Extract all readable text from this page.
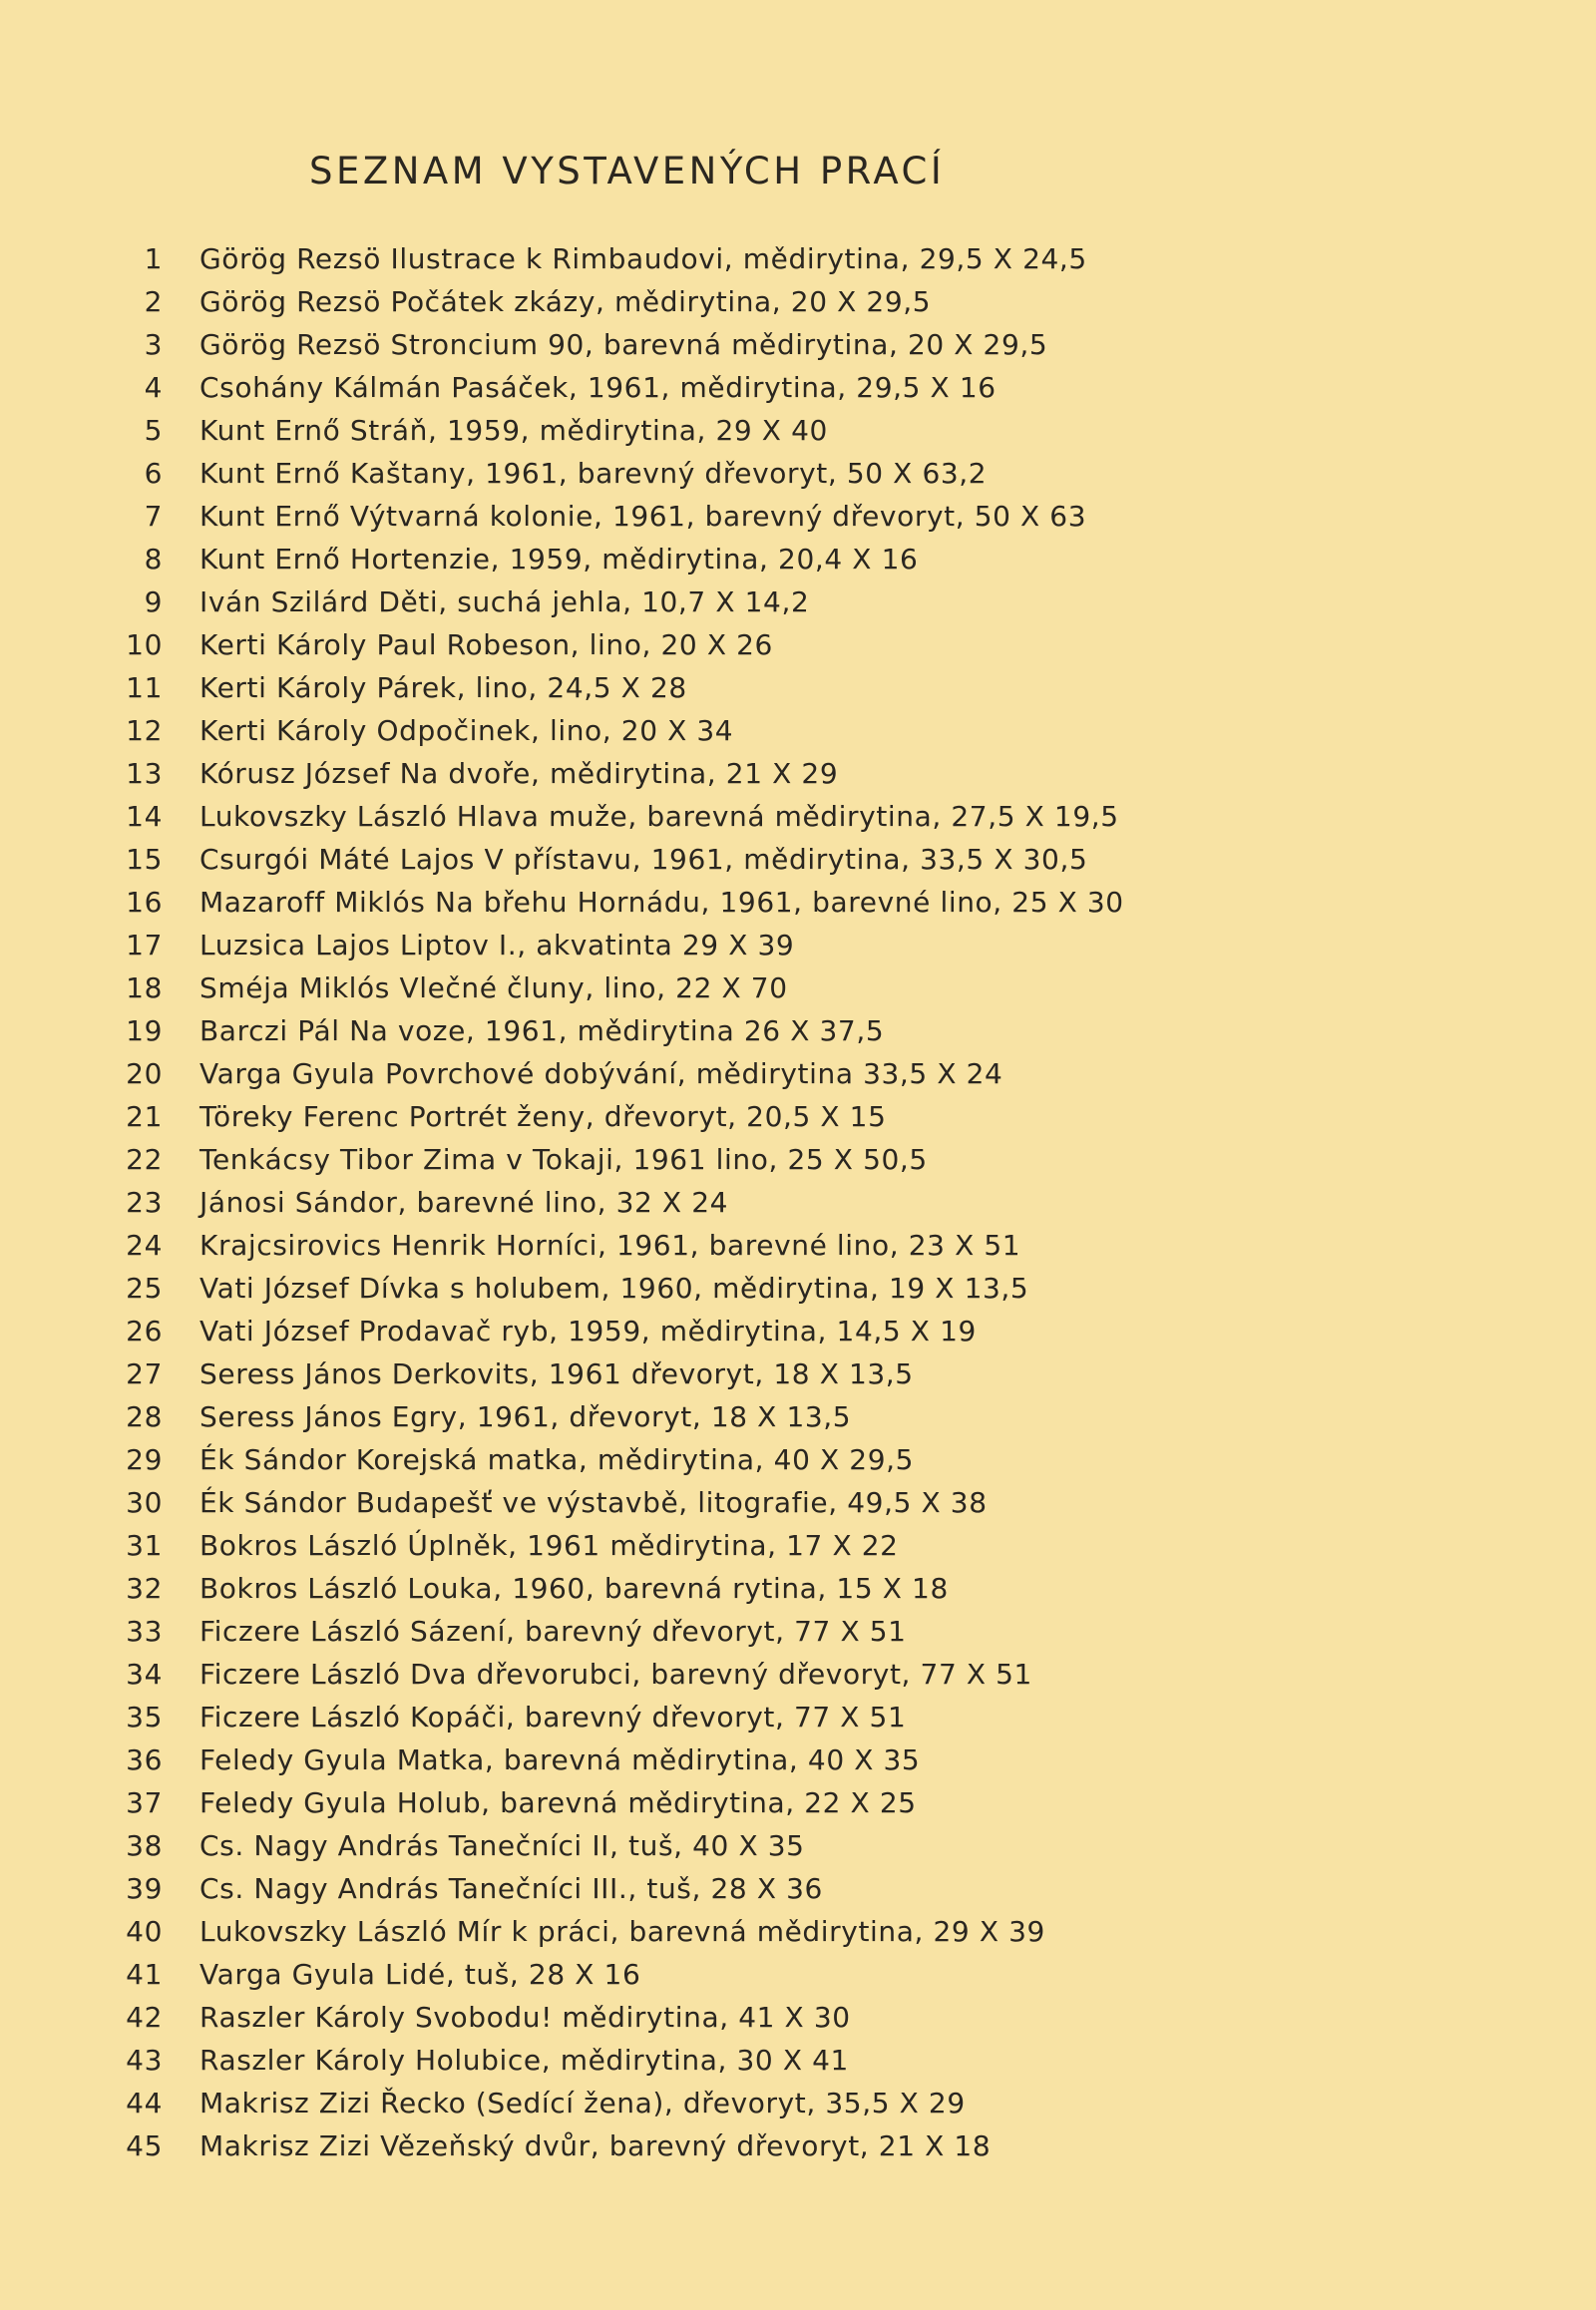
SEZNAM VYSTAVENÝCH PRACÍ
1 Görög Rezsö Ilustrace k Rimbaudovi, mědirytina, 29,5 X 24,5
2 Görög Rezsö Počátek zkázy, mědirytina, 20 X 29,5
3 Görög Rezsö Stroncium 90, barevná mědirytina, 20 X 29,5
4 Csohány Kálmán Pasáček, 1961, mědirytina, 29,5 X 16
5 Kunt Ernő Stráň, 1959, mědirytina, 29 X 40
6 Kunt Ernő Kaštany, 1961, barevný dřevoryt, 50 X 63,2
7 Kunt Ernő Výtvarná kolonie, 1961, barevný dřevoryt, 50 X 63
8 Kunt Ernő Hortenzie, 1959, mědirytina, 20,4 X 16
9 Iván Szilárd Děti, suchá jehla, 10,7 X 14,2
10 Kerti Károly Paul Robeson, lino, 20 X 26
11 Kerti Károly Párek, lino, 24,5 X 28
12 Kerti Károly Odpočinek, lino, 20 X 34
13 Kórusz József Na dvoře, mědirytina, 21 X 29
14 Lukovszky László Hlava muže, barevná mědirytina, 27,5 X 19,5
15 Csurgói Máté Lajos V přístavu, 1961, mědirytina, 33,5 X 30,5
16 Mazaroff Miklós Na břehu Hornádu, 1961, barevné lino, 25 X 30
17 Luzsica Lajos Liptov I., akvatinta 29 X 39
18 Sméja Miklós Vlečné čluny, lino, 22 X 70
19 Barczi Pál Na voze, 1961, mědirytina 26 X 37,5
20 Varga Gyula Povrchové dobývání, mědirytina 33,5 X 24
21 Töreky Ferenc Portrét ženy, dřevoryt, 20,5 X 15
22 Tenkácsy Tibor Zima v Tokaji, 1961 lino, 25 X 50,5
23 Jánosi Sándor, barevné lino, 32 X 24
24 Krajcsirovics Henrik Horníci, 1961, barevné lino, 23 X 51
25 Vati József Dívka s holubem, 1960, mědirytina, 19 X 13,5
26 Vati József Prodavač ryb, 1959, mědirytina, 14,5 X 19
27 Seress János Derkovits, 1961 dřevoryt, 18 X 13,5
28 Seress János Egry, 1961, dřevoryt, 18 X 13,5
29 Ék Sándor Korejská matka, mědirytina, 40 X 29,5
30 Ék Sándor Budapešť ve výstavbě, litografie, 49,5 X 38
31 Bokros László Úplněk, 1961 mědirytina, 17 X 22
32 Bokros László Louka, 1960, barevná rytina, 15 X 18
33 Ficzere László Sázení, barevný dřevoryt, 77 X 51
34 Ficzere László Dva dřevorubci, barevný dřevoryt, 77 X 51
35 Ficzere László Kopáči, barevný dřevoryt, 77 X 51
36 Feledy Gyula Matka, barevná mědirytina, 40 X 35
37 Feledy Gyula Holub, barevná mědirytina, 22 X 25
38 Cs. Nagy András Tanečníci II, tuš, 40 X 35
39 Cs. Nagy András Tanečníci III., tuš, 28 X 36
40 Lukovszky László Mír k práci, barevná mědirytina, 29 X 39
41 Varga Gyula Lidé, tuš, 28 X 16
42 Raszler Károly Svobodu! mědirytina, 41 X 30
43 Raszler Károly Holubice, mědirytina, 30 X 41
44 Makrisz Zizi Řecko (Sedící žena), dřevoryt, 35,5 X 29
45 Makrisz Zizi Vězeňský dvůr, barevný dřevoryt, 21 X 18
